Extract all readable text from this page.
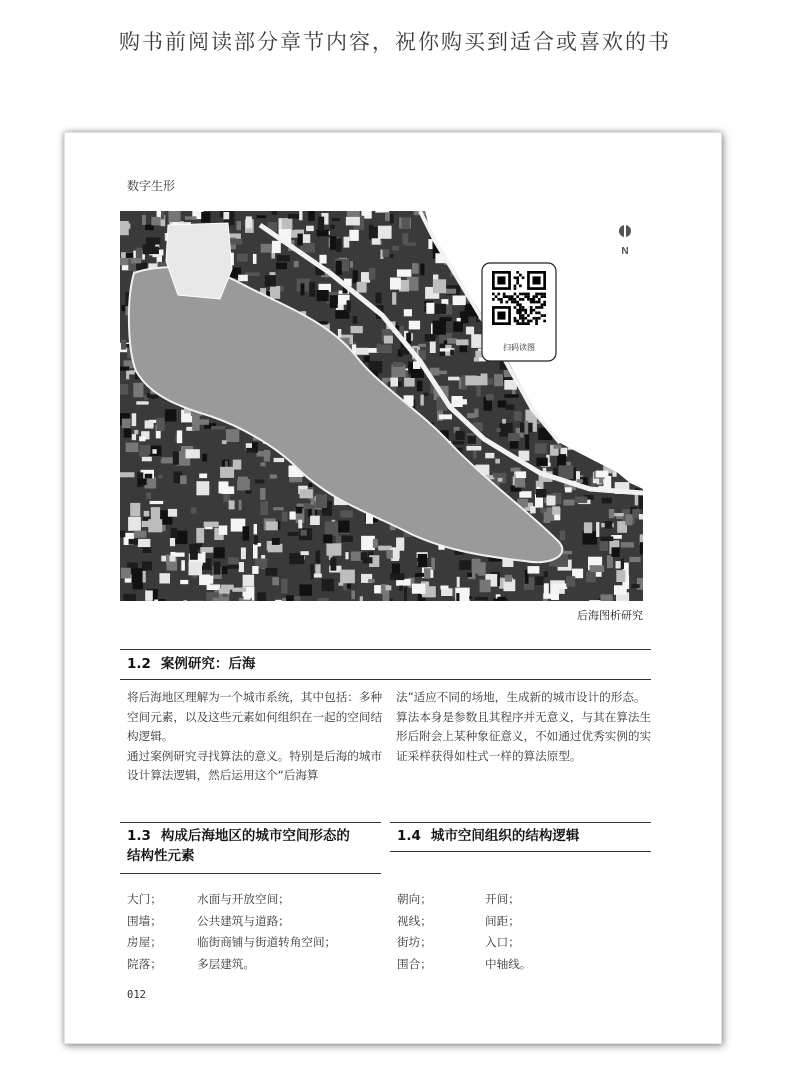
购书前阅读部分章节内容，祝你购买到适合或喜欢的书
数字生形
扫码读图
N
后海图析研究
1.2 案例研究：后海

将后海地区理解为一个城市系统，其中包括：多种空间元素，以及这些元素如何组织在一起的空间结构逻辑。

通过案例研究寻找算法的意义。特别是后海的城市设计算法逻辑，然后运用这个“后海算

法”适应不同的场地，生成新的城市设计的形态。算法本身是参数且其程序并无意义，与其在算法生形后附会上某种象征意义，不如通过优秀实例的实证采样获得如柱式一样的算法原型。

1.3 构成后海地区的城市空间形态的
结构性元素
大门；	水面与开放空间；
围墙；	公共建筑与道路；
房屋；	临街商铺与街道转角空间；
院落；	多层建筑。
1.4 城市空间组织的结构逻辑
朝向；	开间；
视线；	间距；
街坊；	入口；
围合；	中轴线。
012
